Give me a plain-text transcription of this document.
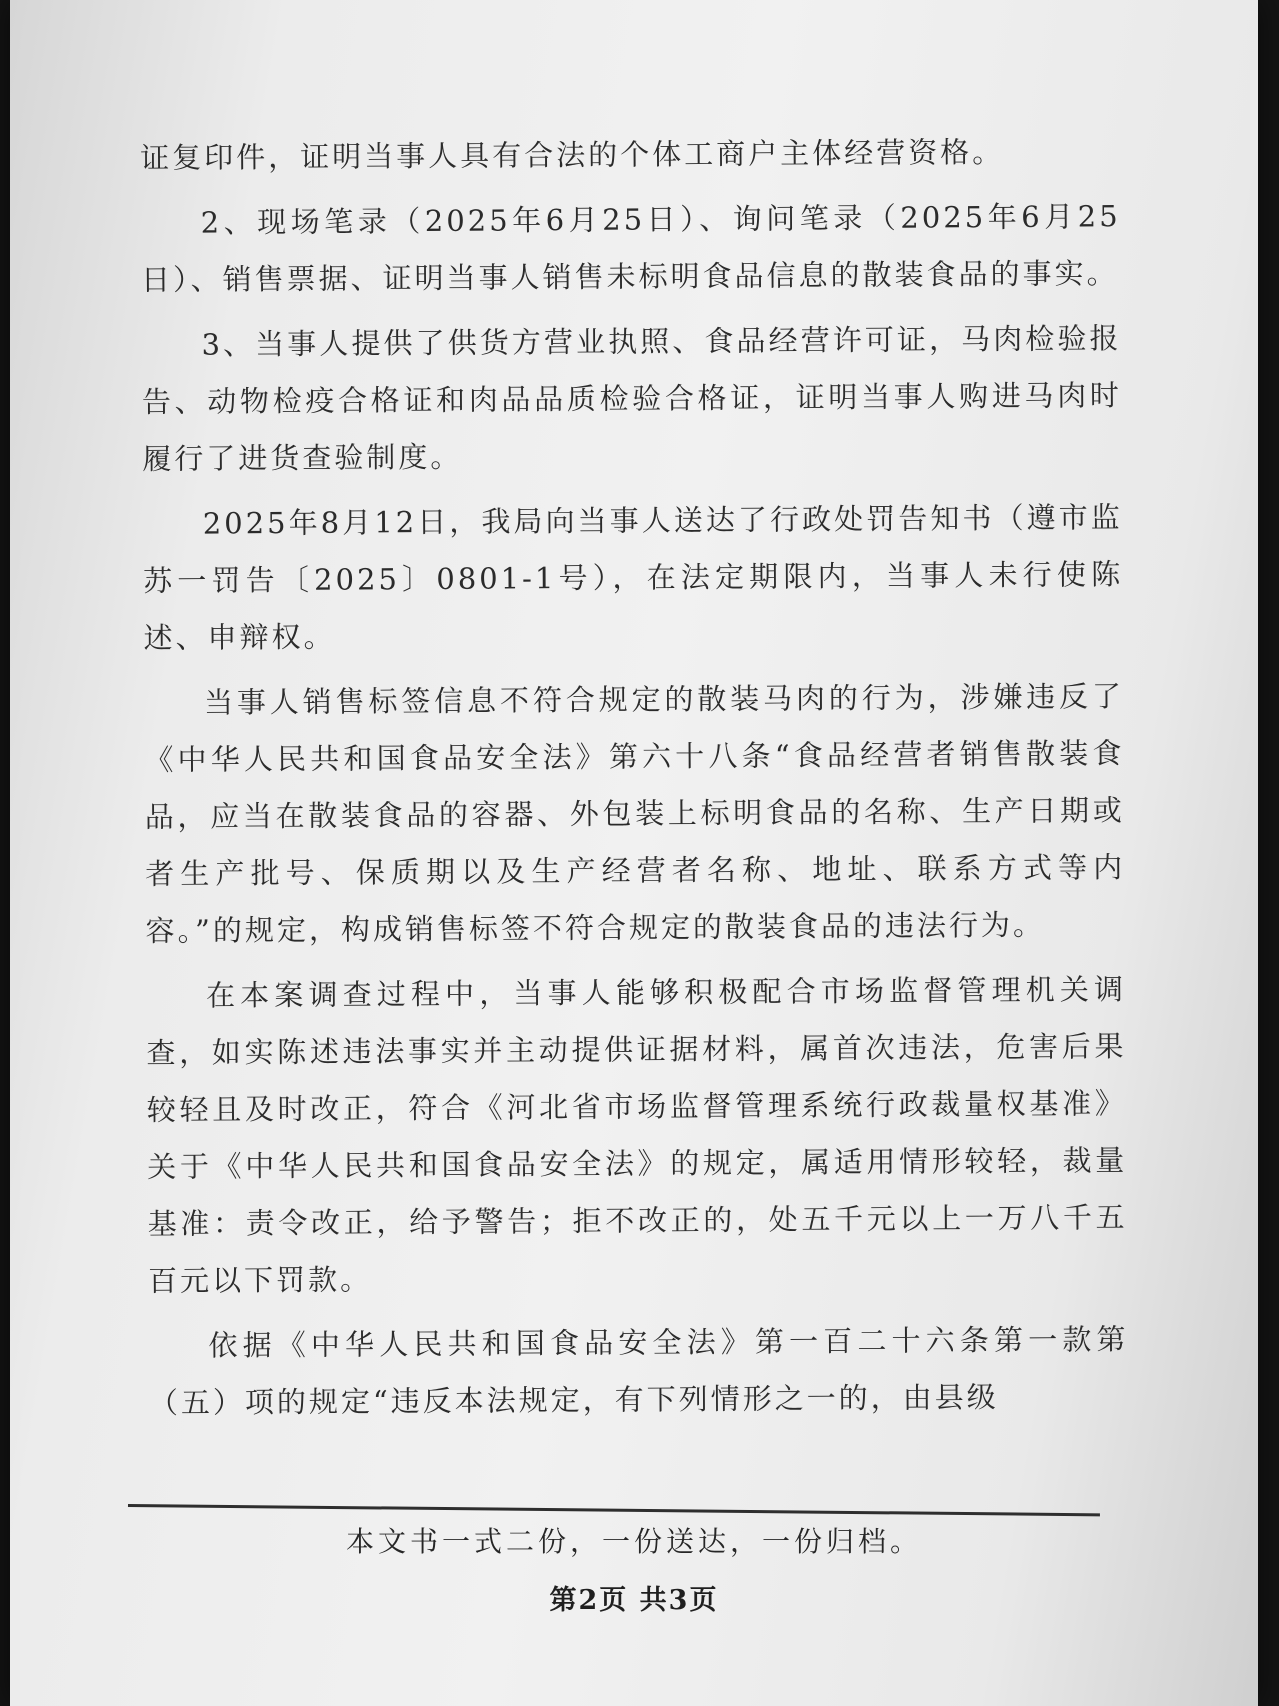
证复印件，证明当事人具有合法的个体工商户主体经营资格。

2、现场笔录（2025年6月25日）、询问笔录（2025年6月25日）、销售票据、证明当事人销售未标明食品信息的散装食品的事实。

3、当事人提供了供货方营业执照、食品经营许可证，马肉检验报告、动物检疫合格证和肉品品质检验合格证，证明当事人购进马肉时履行了进货查验制度。

2025年8月12日，我局向当事人送达了行政处罚告知书（遵市监苏一罚告〔2025〕0801-1号），在法定期限内，当事人未行使陈述、申辩权。

当事人销售标签信息不符合规定的散装马肉的行为，涉嫌违反了《中华人民共和国食品安全法》第六十八条“食品经营者销售散装食品，应当在散装食品的容器、外包装上标明食品的名称、生产日期或者生产批号、保质期以及生产经营者名称、地址、联系方式等内容。”的规定，构成销售标签不符合规定的散装食品的违法行为。

在本案调查过程中，当事人能够积极配合市场监督管理机关调查，如实陈述违法事实并主动提供证据材料，属首次违法，危害后果较轻且及时改正，符合《河北省市场监督管理系统行政裁量权基准》关于《中华人民共和国食品安全法》的规定，属适用情形较轻，裁量基准：责令改正，给予警告；拒不改正的，处五千元以上一万八千五百元以下罚款。

依据《中华人民共和国食品安全法》第一百二十六条第一款第（五）项的规定“违反本法规定，有下列情形之一的，由县级

本文书一式二份，一份送达，一份归档。
第2页 共3页
